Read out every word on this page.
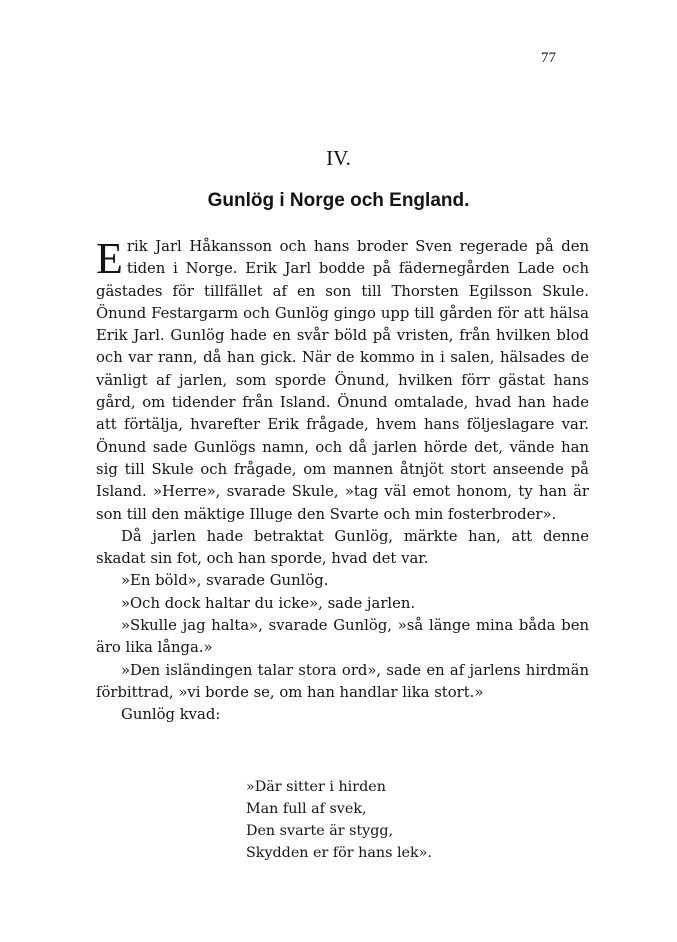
77
IV.
Gunlög i Norge och England.

Erik Jarl Håkansson och hans broder Sven regerade på den tiden i Norge. Erik Jarl bodde på fädernegården Lade och gästades för tillfället af en son till Thorsten Egilsson Skule. Önund Festargarm och Gunlög gingo upp till gården för att hälsa Erik Jarl. Gunlög hade en svår böld på vristen, från hvilken blod och var rann, då han gick. När de kommo in i salen, hälsades de vänligt af jarlen, som sporde Önund, hvilken förr gästat hans gård, om tidender från Island. Önund omtalade, hvad han hade att förtälja, hvarefter Erik frågade, hvem hans följeslagare var. Önund sade Gunlögs namn, och då jarlen hörde det, vände han sig till Skule och frågade, om mannen åtnjöt stort anseende på Island. »Herre», svarade Skule, »tag väl emot honom, ty han är son till den mäktige Illuge den Svarte och min fosterbroder».

Då jarlen hade betraktat Gunlög, märkte han, att denne skadat sin fot, och han sporde, hvad det var.

»En böld», svarade Gunlög.

»Och dock haltar du icke», sade jarlen.

»Skulle jag halta», svarade Gunlög, »så länge mina båda ben äro lika långa.»

»Den isländingen talar stora ord», sade en af jarlens hirdmän förbittrad, »vi borde se, om han handlar lika stort.»

Gunlög kvad:

»Där sitter i hirden
Man full af svek,
Den svarte är stygg,
Skydden er för hans lek».
